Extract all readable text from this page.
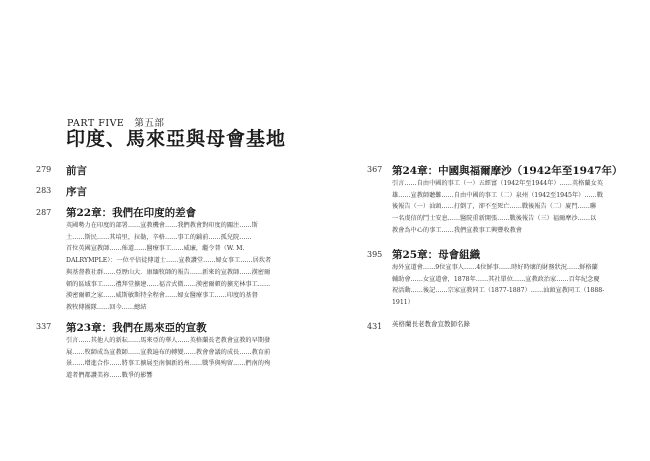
PART FIVE　第五部
印度、馬來亞與母會基地
279 前言
283 序言
287 第22章：我們在印度的差會

英國勢力在印度的部署……宣教機會……我們教會對印度的關注……斯

土……斯民……其培里，拉勒，辛格……事工的鋪前……孤兒院……

首位英國宣教師……佈道……醫療事工……威廉，繼令普（W. M.

DALRYMPLE）：一位平信徒傳道士……宣教讚堂……婦女事工……居坎者

與基督教社群……亞歷山大．康緬牧師的報告……新來的宣教師……漢密爾

頓的區域事工……禮拜堂擴建……福音式微……漢密爾頓的擴充林事工……

漢密爾頓之家……威斯敏斯特全程會……婦女醫療事工……印度的基督

教牧傳團隊……回今……總結

337 第23章：我們在馬來亞的宣教

引言……其他人的新耘……馬來亞的華人……英格蘭長老教會宣教的早期發

展……牧師成為宣教師……宣教遍布的轉變……教會會議的成長……教育前

景……增進合作……將事工擴展至南個新的州……戰爭與殉留……捫南的殉

道者們都讚美祢……戰爭的影響

367 第24章：中國與福爾摩沙（1942年至1947年）

引言……自由中國的事工（一）五經富（1942年至1944年）……英格蘭女英

雄……宣教師聽難……自由中國的事工（二）泉州（1942至1945年）……戰

後報告（一）汕頭……打倒了，卻不至死亡……戰後報告（二）廈門……聯

一名虔信的鬥士安息……醫院重新開張……戰後報告（三）福爾摩沙……以

教會為中心的事工……我們宣教事工興豐收教會

395 第25章：母會組織

海外宣道會……9位宣事人……4位鮮事……時好時壞的財務狀況……鮮格蘭

輔助會……女宣道會，1878年……其社單位……宣教政治家……百年紀念慶

祝活動……後記……宗家宣教同工（1877-1887）……汕頭宣教同工（1888-

1911）

431 英格蘭長老教會宣教師名錄
